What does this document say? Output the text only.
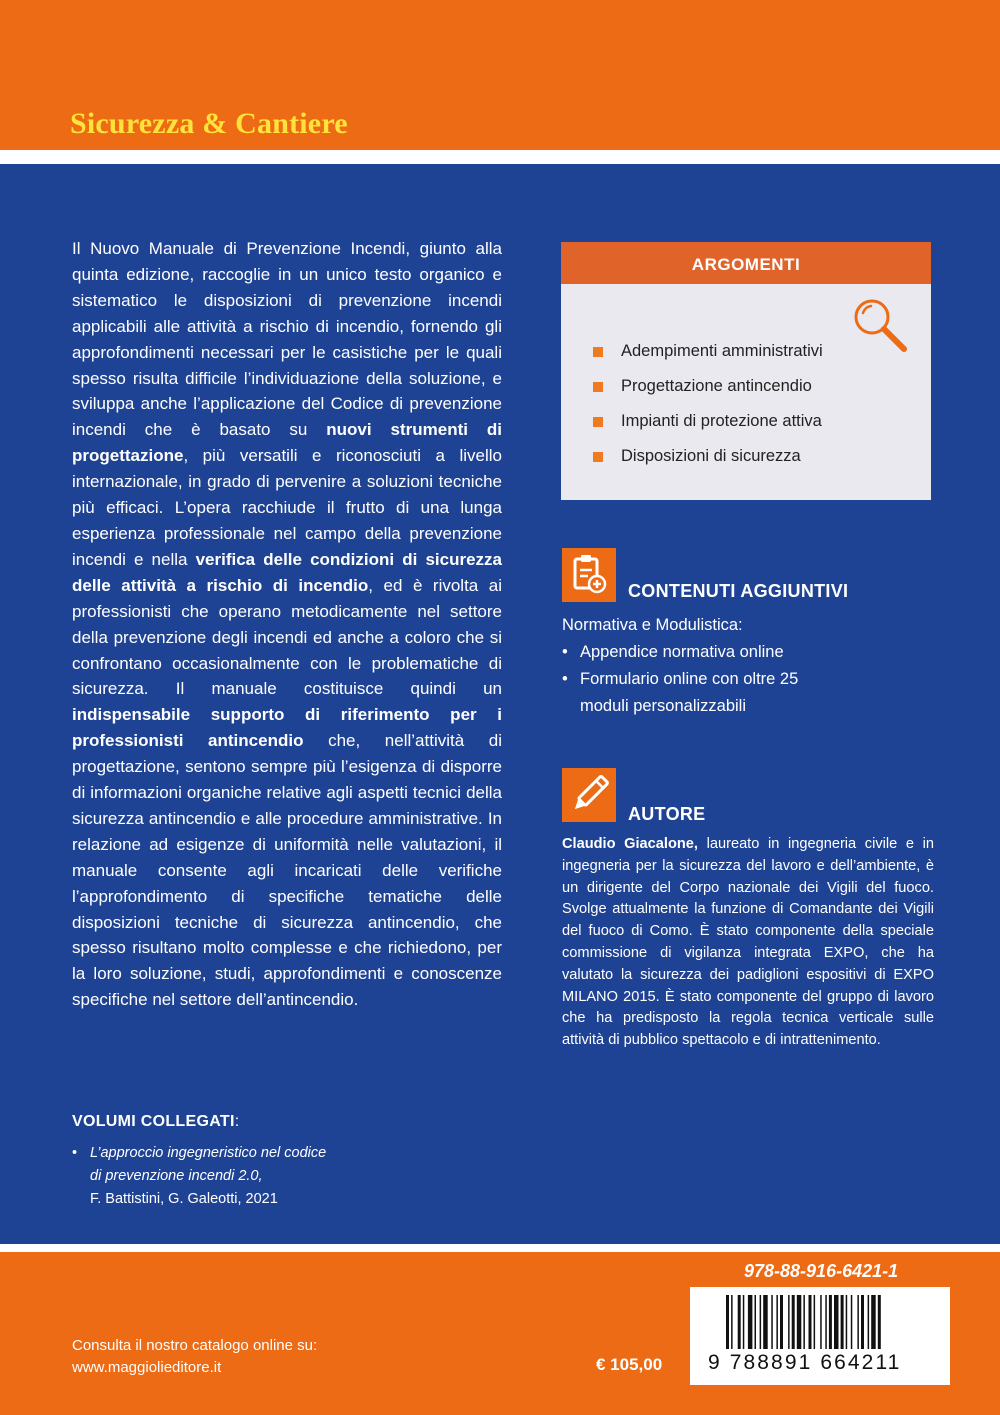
Sicurezza & Cantiere

Il Nuovo Manuale di Prevenzione Incendi, giunto alla quinta edizione, raccoglie in un unico testo organico e sistematico le disposizioni di prevenzione incendi applicabili alle attività a rischio di incendio, fornendo gli approfondimenti necessari per le casistiche per le quali spesso risulta difficile l’individuazione della soluzione, e sviluppa anche l’applicazione del Codice di prevenzione incendi che è basato su nuovi strumenti di progettazione, più versatili e riconosciuti a livello internazionale, in grado di pervenire a soluzioni tecniche più efficaci. L’opera racchiude il frutto di una lunga esperienza professionale nel campo della prevenzione incendi e nella verifica delle condizioni di sicurezza delle attività a rischio di incendio, ed è rivolta ai professionisti che operano metodicamente nel settore della prevenzione degli incendi ed anche a coloro che si confrontano occasionalmente con le problematiche di sicurezza. Il manuale costituisce quindi un indispensabile supporto di riferimento per i professionisti antincendio che, nell’attività di progettazione, sentono sempre più l’esigenza di disporre di informazioni organiche relative agli aspetti tecnici della sicurezza antincendio e alle procedure amministrative. In relazione ad esigenze di uniformità nelle valutazioni, il manuale consente agli incaricati delle verifiche l’approfondimento di specifiche tematiche delle disposizioni tecniche di sicurezza antincendio, che spesso risultano molto complesse e che richiedono, per la loro soluzione, studi, approfondimenti e conoscenze specifiche nel settore dell’antincendio.

ARGOMENTI
Adempimenti amministrativi
Progettazione antincendio
Impianti di protezione attiva
Disposizioni di sicurezza
CONTENUTI AGGIUNTIVI
Normativa e Modulistica:
• Appendice normativa online
• Formulario online con oltre 25 moduli personalizzabili
AUTORE
Claudio Giacalone, laureato in ingegneria civile e in ingegneria per la sicurezza del lavoro e dell’ambiente, è un dirigente del Corpo nazionale dei Vigili del fuoco. Svolge attualmente la funzione di Comandante dei Vigili del fuoco di Como. È stato componente della speciale commissione di vigilanza integrata EXPO, che ha valutato la sicurezza dei padiglioni espositivi di EXPO MILANO 2015. È stato componente del gruppo di lavoro che ha predisposto la regola tecnica verticale sulle attività di pubblico spettacolo e di intrattenimento.
VOLUMI COLLEGATI:
• L’approccio ingegneristico nel codice
di prevenzione incendi 2.0,
F. Battistini, G. Galeotti, 2021
978-88-916-6421-1
9 788891 664211
Consulta il nostro catalogo online su:
www.maggiolieditore.it	€ 105,00
